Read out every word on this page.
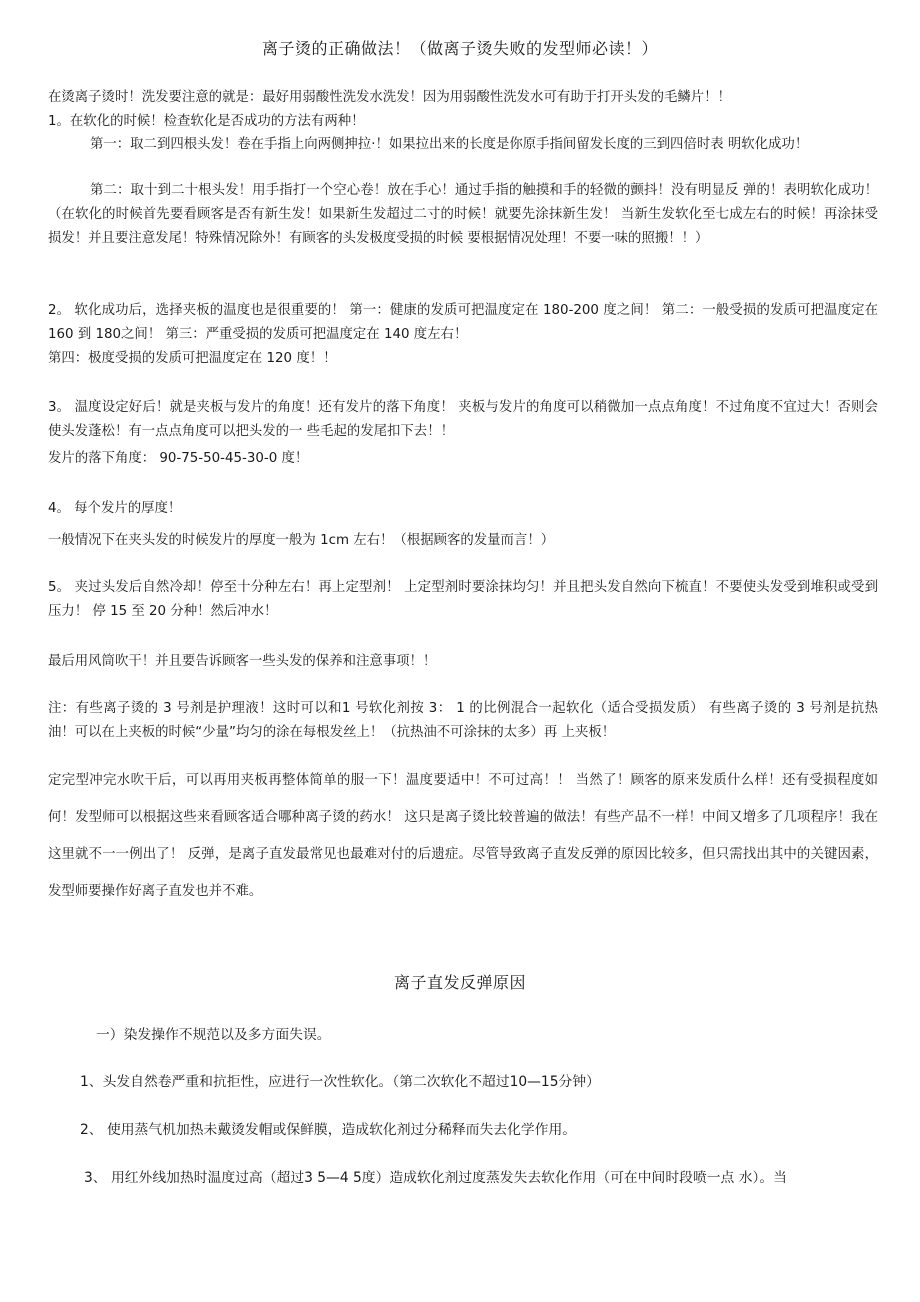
离子烫的正确做法！（做离子烫失败的发型师必读！）

在烫离子烫时！洗发要注意的就是：最好用弱酸性洗发水洗发！因为用弱酸性洗发水可有助于打开头发的毛鳞片！！

1。在软化的时候！检查软化是否成功的方法有两种！

第一：取二到四根头发！卷在手指上向两侧抻拉·！如果拉出来的长度是你原手指间留发长度的三到四倍时表 明软化成功！

第二：取十到二十根头发！用手指打一个空心卷！放在手心！通过手指的触摸和手的轻微的颤抖！没有明显反 弹的！表明软化成功！（在软化的时候首先要看顾客是否有新生发！如果新生发超过二寸的时候！就要先涂抹新生发！ 当新生发软化至七成左右的时候！再涂抹受损发！并且要注意发尾！特殊情况除外！有顾客的头发极度受损的时候 要根据情况处理！不要一味的照搬！！）

2。 软化成功后，选择夹板的温度也是很重要的！ 第一：健康的发质可把温度定在 180-200 度之间！ 第二：一般受损的发质可把温度定在 160 到 180之间！ 第三：严重受损的发质可把温度定在 140 度左右！

第四：极度受损的发质可把温度定在 120 度！！

3。 温度设定好后！就是夹板与发片的角度！还有发片的落下角度！ 夹板与发片的角度可以稍微加一点点角度！不过角度不宜过大！否则会使头发蓬松！有一点点角度可以把头发的一 些毛起的发尾扣下去！！

发片的落下角度： 90-75-50-45-30-0 度！

4。 每个发片的厚度！

一般情况下在夹头发的时候发片的厚度一般为 1cm 左右！（根据顾客的发量而言！）

5。 夹过头发后自然冷却！停至十分种左右！再上定型剂！ 上定型剂时要涂抹均匀！并且把头发自然向下梳直！不要使头发受到堆积或受到压力！ 停 15 至 20 分种！然后冲水！

最后用风筒吹干！并且要告诉顾客一些头发的保养和注意事项！！

注：有些离子烫的 3 号剂是护理液！这时可以和1 号软化剂按 3： 1 的比例混合一起软化（适合受损发质） 有些离子烫的 3 号剂是抗热油！可以在上夹板的时候“少量”均匀的涂在每根发丝上！（抗热油不可涂抹的太多）再 上夹板！

定完型冲完水吹干后，可以再用夹板再整体简单的服一下！温度要适中！不可过高！！ 当然了！顾客的原来发质什么样！还有受损程度如何！发型师可以根据这些来看顾客适合哪种离子烫的药水！ 这只是离子烫比较普遍的做法！有些产品不一样！中间又增多了几项程序！我在这里就不一一例出了！ 反弹，是离子直发最常见也最难对付的后遗症。尽管导致离子直发反弹的原因比较多，但只需找出其中的关键因素， 发型师要操作好离子直发也并不难。

离子直发反弹原因

一）染发操作不规范以及多方面失误。

1、头发自然卷严重和抗拒性，应进行一次性软化。（第二次软化不超过10—15分钟）

2、 使用蒸气机加热未戴烫发帽或保鲜膜，造成软化剂过分稀释而失去化学作用。

3、 用红外线加热时温度过高（超过3 5—4 5度）造成软化剂过度蒸发失去软化作用（可在中间时段喷一点 水）。当
